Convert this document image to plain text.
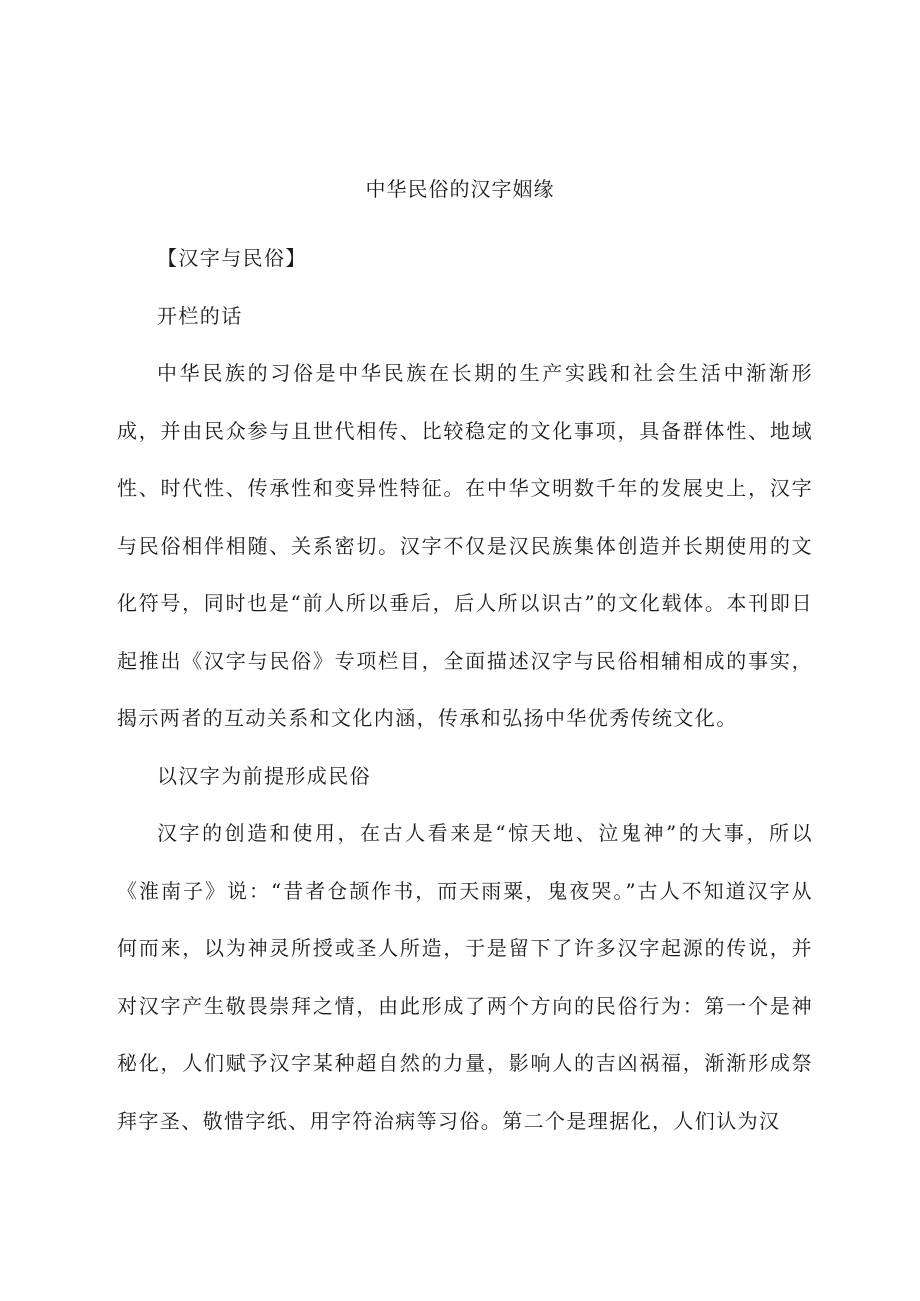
中华民俗的汉字姻缘

【汉字与民俗】

开栏的话

中华民族的习俗是中华民族在长期的生产实践和社会生活中渐渐形成，并由民众参与且世代相传、比较稳定的文化事项，具备群体性、地域性、时代性、传承性和变异性特征。在中华文明数千年的发展史上，汉字与民俗相伴相随、关系密切。汉字不仅是汉民族集体创造并长期使用的文化符号，同时也是“前人所以垂后，后人所以识古”的文化载体。本刊即日起推出《汉字与民俗》专项栏目，全面描述汉字与民俗相辅相成的事实，揭示两者的互动关系和文化内涵，传承和弘扬中华优秀传统文化。

以汉字为前提形成民俗

汉字的创造和使用，在古人看来是“惊天地、泣鬼神”的大事，所以《淮南子》说：“昔者仓颉作书，而天雨粟，鬼夜哭。”古人不知道汉字从何而来，以为神灵所授或圣人所造，于是留下了许多汉字起源的传说，并对汉字产生敬畏崇拜之情，由此形成了两个方向的民俗行为：第一个是神秘化，人们赋予汉字某种超自然的力量，影响人的吉凶祸福，渐渐形成祭拜字圣、敬惜字纸、用字符治病等习俗。第二个是理据化，人们认为汉
